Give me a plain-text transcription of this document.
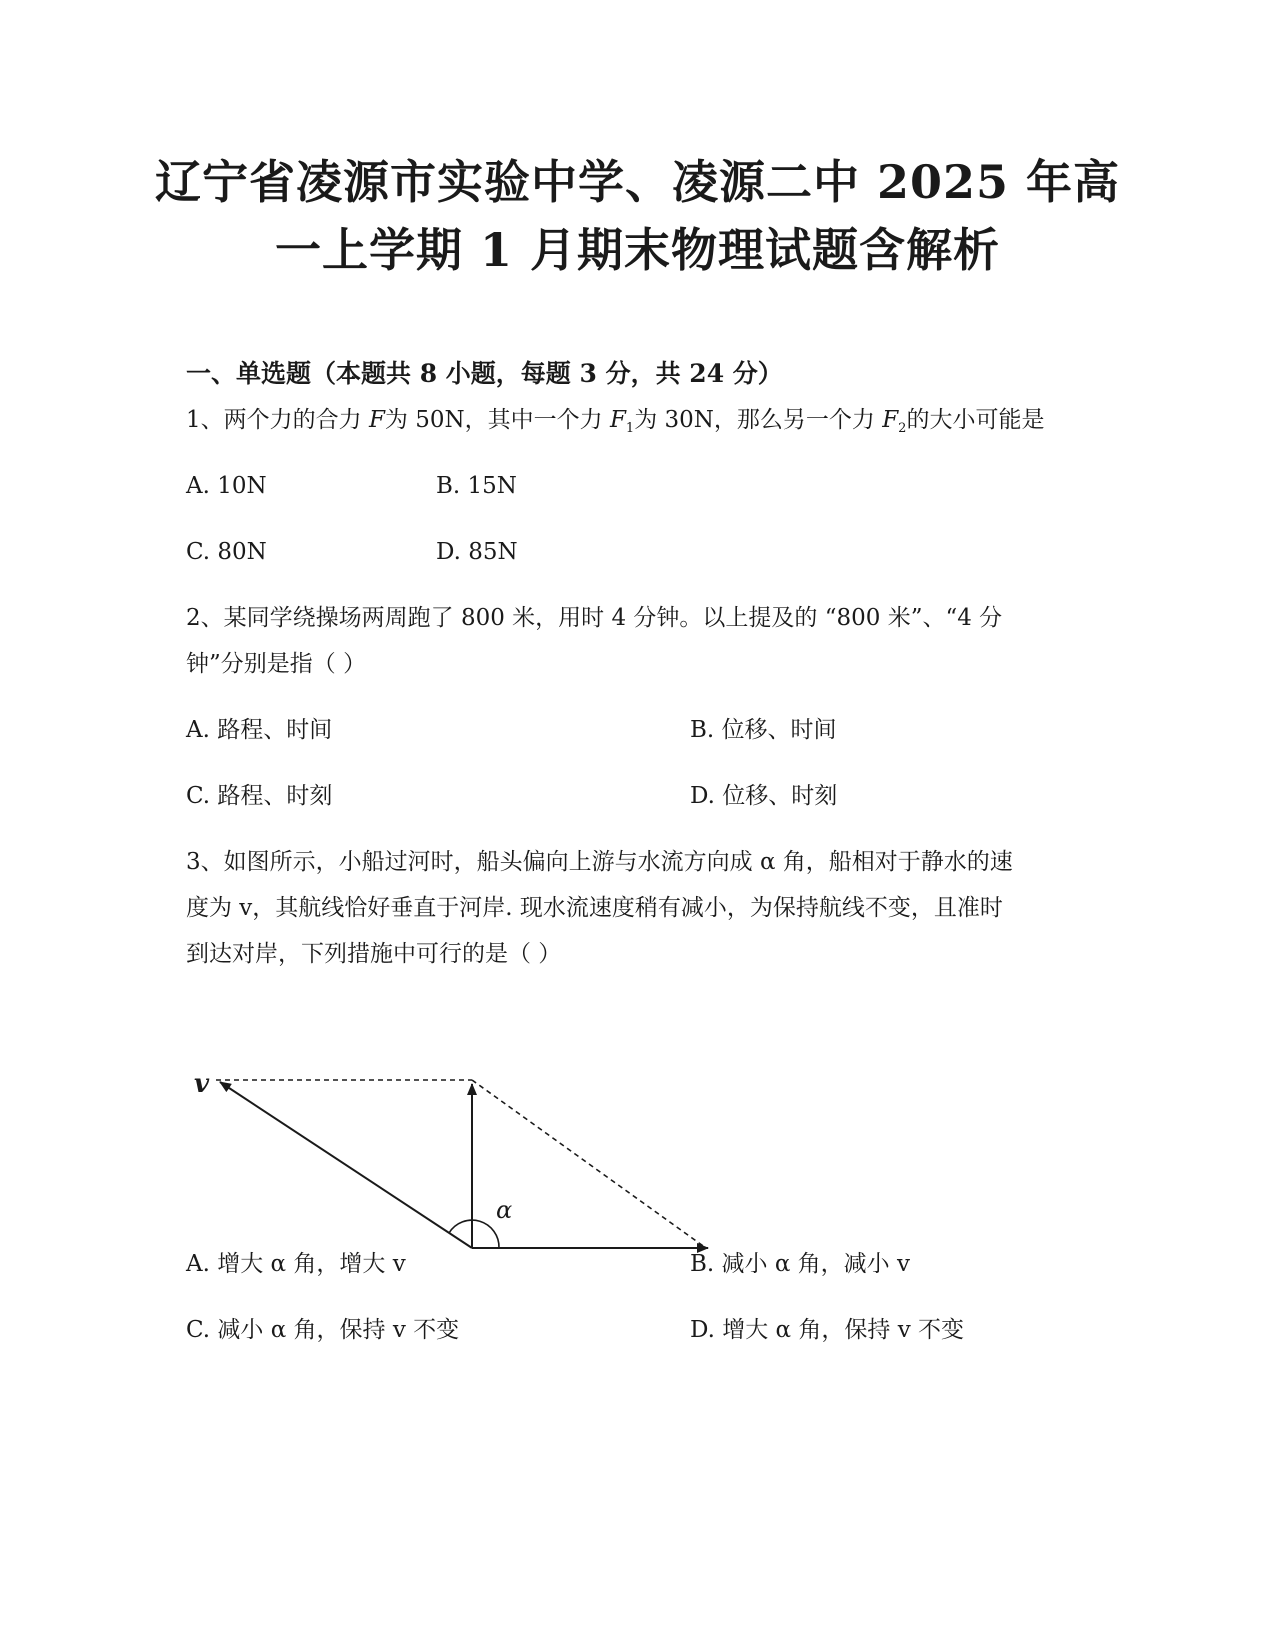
辽宁省凌源市实验中学、凌源二中 2025 年高
一上学期 1 月期末物理试题含解析
一、单选题（本题共 8 小题，每题 3 分，共 24 分）

1、两个力的合力 F为 50N，其中一个力 $F_1$为 30N，那么另一个力 $F_2$的大小可能是

A. 10N	B. 15N
C. 80N	D. 85N

2、某同学绕操场两周跑了 800 米，用时 4 分钟。以上提及的 “800 米”、“4 分

钟”分别是指（ ）

A. 路程、时间	B. 位移、时间
C. 路程、时刻	D. 位移、时刻

3、如图所示，小船过河时，船头偏向上游与水流方向成 α 角，船相对于静水的速

度为 v，其航线恰好垂直于河岸. 现水流速度稍有减小，为保持航线不变，且准时

到达对岸，下列措施中可行的是（ ）

v
α
A. 增大 α 角，增大 v	B. 减小 α 角，减小 v
C. 减小 α 角，保持 v 不变	D. 增大 α 角，保持 v 不变
